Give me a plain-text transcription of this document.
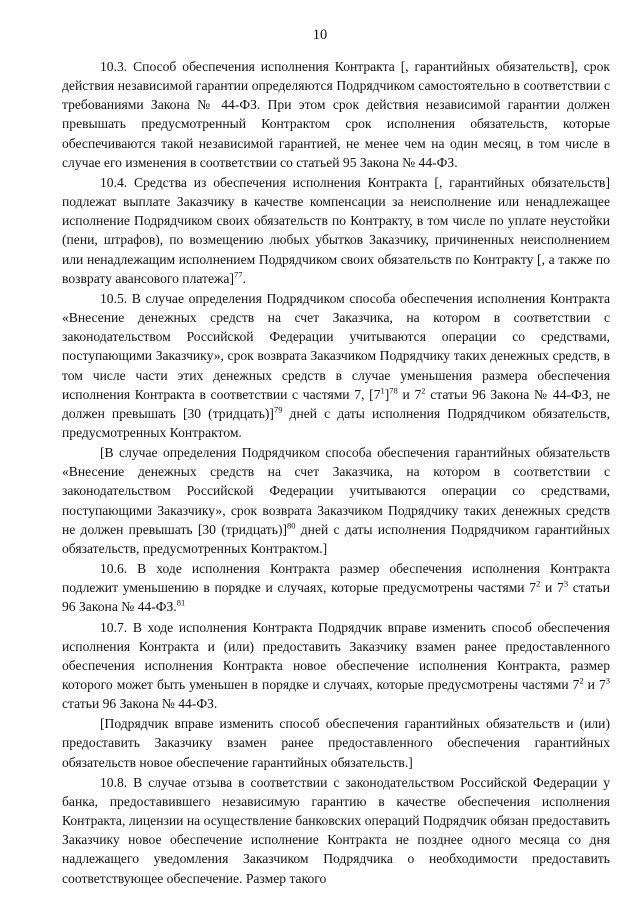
10

10.3. Способ обеспечения исполнения Контракта [, гарантийных обязательств], срок действия независимой гарантии определяются Подрядчиком самостоятельно в соответствии с требованиями Закона № 44-ФЗ. При этом срок действия независимой гарантии должен превышать предусмотренный Контрактом срок исполнения обязательств, которые обеспечиваются такой независимой гарантией, не менее чем на один месяц, в том числе в случае его изменения в соответствии со статьей 95 Закона № 44-ФЗ.

10.4. Средства из обеспечения исполнения Контракта [, гарантийных обязательств] подлежат выплате Заказчику в качестве компенсации за неисполнение или ненадлежащее исполнение Подрядчиком своих обязательств по Контракту, в том числе по уплате неустойки (пени, штрафов), по возмещению любых убытков Заказчику, причиненных неисполнением или ненадлежащим исполнением Подрядчиком своих обязательств по Контракту [, а также по возврату авансового платежа]$^{77}$.

10.5. В случае определения Подрядчиком способа обеспечения исполнения Контракта «Внесение денежных средств на счет Заказчика, на котором в соответствии с законодательством Российской Федерации учитываются операции со средствами, поступающими Заказчику», срок возврата Заказчиком Подрядчику таких денежных средств, в том числе части этих денежных средств в случае уменьшения размера обеспечения исполнения Контракта в соответствии с частями 7, $[7^1]^{78}$ и $7^2$ статьи 96 Закона № 44-ФЗ, не должен превышать [30 (тридцать)]$^{79}$ дней с даты исполнения Подрядчиком обязательств, предусмотренных Контрактом.

[В случае определения Подрядчиком способа обеспечения гарантийных обязательств «Внесение денежных средств на счет Заказчика, на котором в соответствии с законодательством Российской Федерации учитываются операции со средствами, поступающими Заказчику», срок возврата Заказчиком Подрядчику таких денежных средств не должен превышать [30 (тридцать)]$^{80}$ дней с даты исполнения Подрядчиком гарантийных обязательств, предусмотренных Контрактом.]

10.6. В ходе исполнения Контракта размер обеспечения исполнения Контракта подлежит уменьшению в порядке и случаях, которые предусмотрены частями $7^2$ и $7^3$ статьи 96 Закона № 44-ФЗ.$^{81}$

10.7. В ходе исполнения Контракта Подрядчик вправе изменить способ обеспечения исполнения Контракта и (или) предоставить Заказчику взамен ранее предоставленного обеспечения исполнения Контракта новое обеспечение исполнения Контракта, размер которого может быть уменьшен в порядке и случаях, которые предусмотрены частями $7^2$ и $7^3$ статьи 96 Закона № 44-ФЗ.

[Подрядчик вправе изменить способ обеспечения гарантийных обязательств и (или) предоставить Заказчику взамен ранее предоставленного обеспечения гарантийных обязательств новое обеспечение гарантийных обязательств.]

10.8. В случае отзыва в соответствии с законодательством Российской Федерации у банка, предоставившего независимую гарантию в качестве обеспечения исполнения Контракта, лицензии на осуществление банковских операций Подрядчик обязан предоставить Заказчику новое обеспечение исполнение Контракта не позднее одного месяца со дня надлежащего уведомления Заказчиком Подрядчика о необходимости предоставить соответствующее обеспечение. Размер такого
